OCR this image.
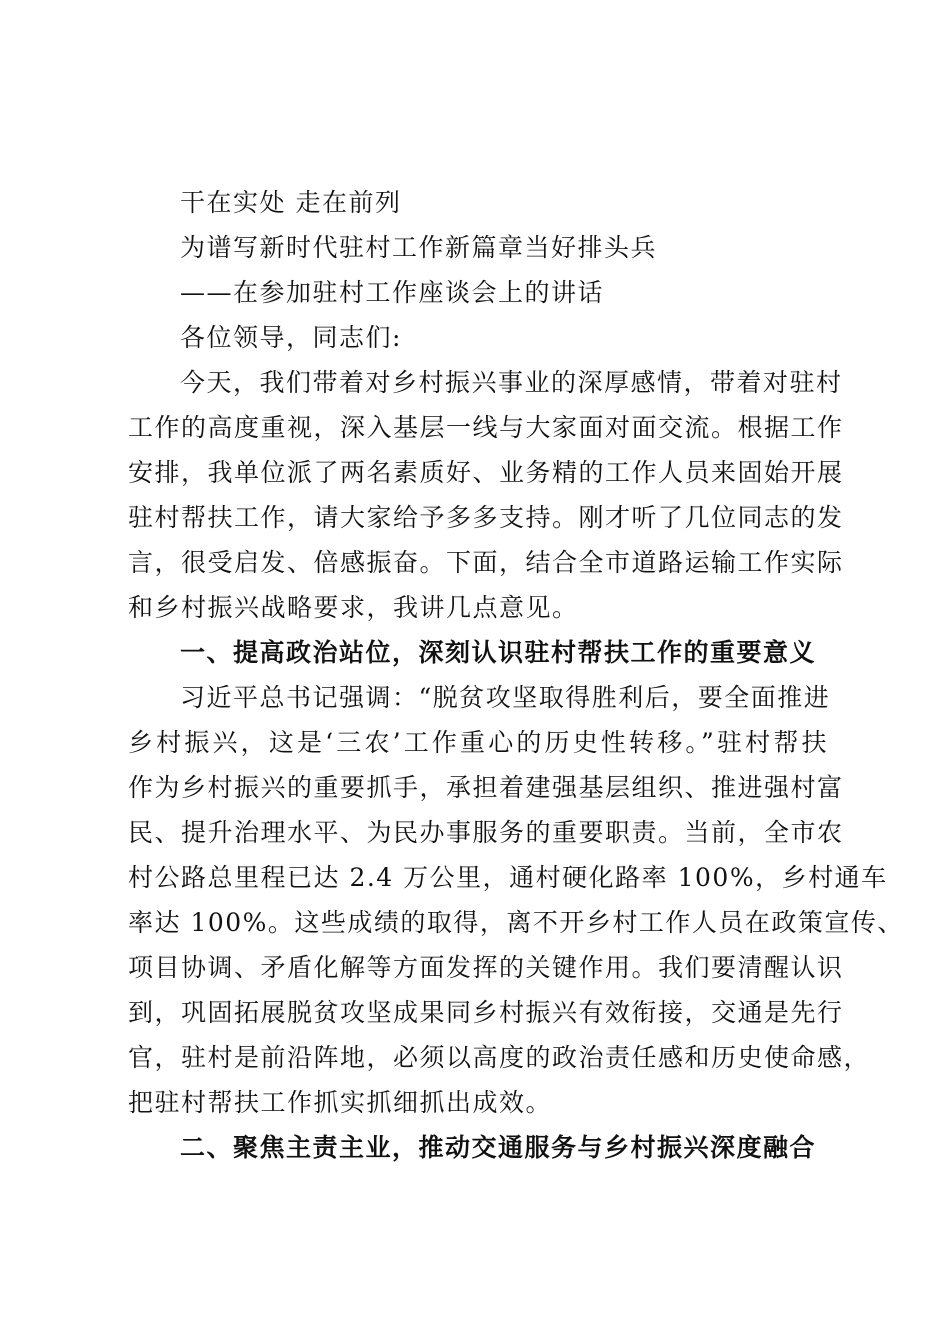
干在实处 走在前列
为谱写新时代驻村工作新篇章当好排头兵
——在参加驻村工作座谈会上的讲话
各位领导，同志们:
今天，我们带着对乡村振兴事业的深厚感情，带着对驻村
工作的高度重视，深入基层一线与大家面对面交流。根据工作
安排，我单位派了两名素质好、业务精的工作人员来固始开展
驻村帮扶工作，请大家给予多多支持。刚才听了几位同志的发
言，很受启发、倍感振奋。下面，结合全市道路运输工作实际
和乡村振兴战略要求，我讲几点意见。
一、提高政治站位，深刻认识驻村帮扶工作的重要意义
习近平总书记强调：“脱贫攻坚取得胜利后，要全面推进
乡村振兴，这是‘三农’工作重心的历史性转移。”驻村帮扶
作为乡村振兴的重要抓手，承担着建强基层组织、推进强村富
民、提升治理水平、为民办事服务的重要职责。当前，全市农
村公路总里程已达 2.4 万公里，通村硬化路率 100%，乡村通车
率达 100%。这些成绩的取得，离不开乡村工作人员在政策宣传、
项目协调、矛盾化解等方面发挥的关键作用。我们要清醒认识
到，巩固拓展脱贫攻坚成果同乡村振兴有效衔接，交通是先行
官，驻村是前沿阵地，必须以高度的政治责任感和历史使命感，
把驻村帮扶工作抓实抓细抓出成效。
二、聚焦主责主业，推动交通服务与乡村振兴深度融合
